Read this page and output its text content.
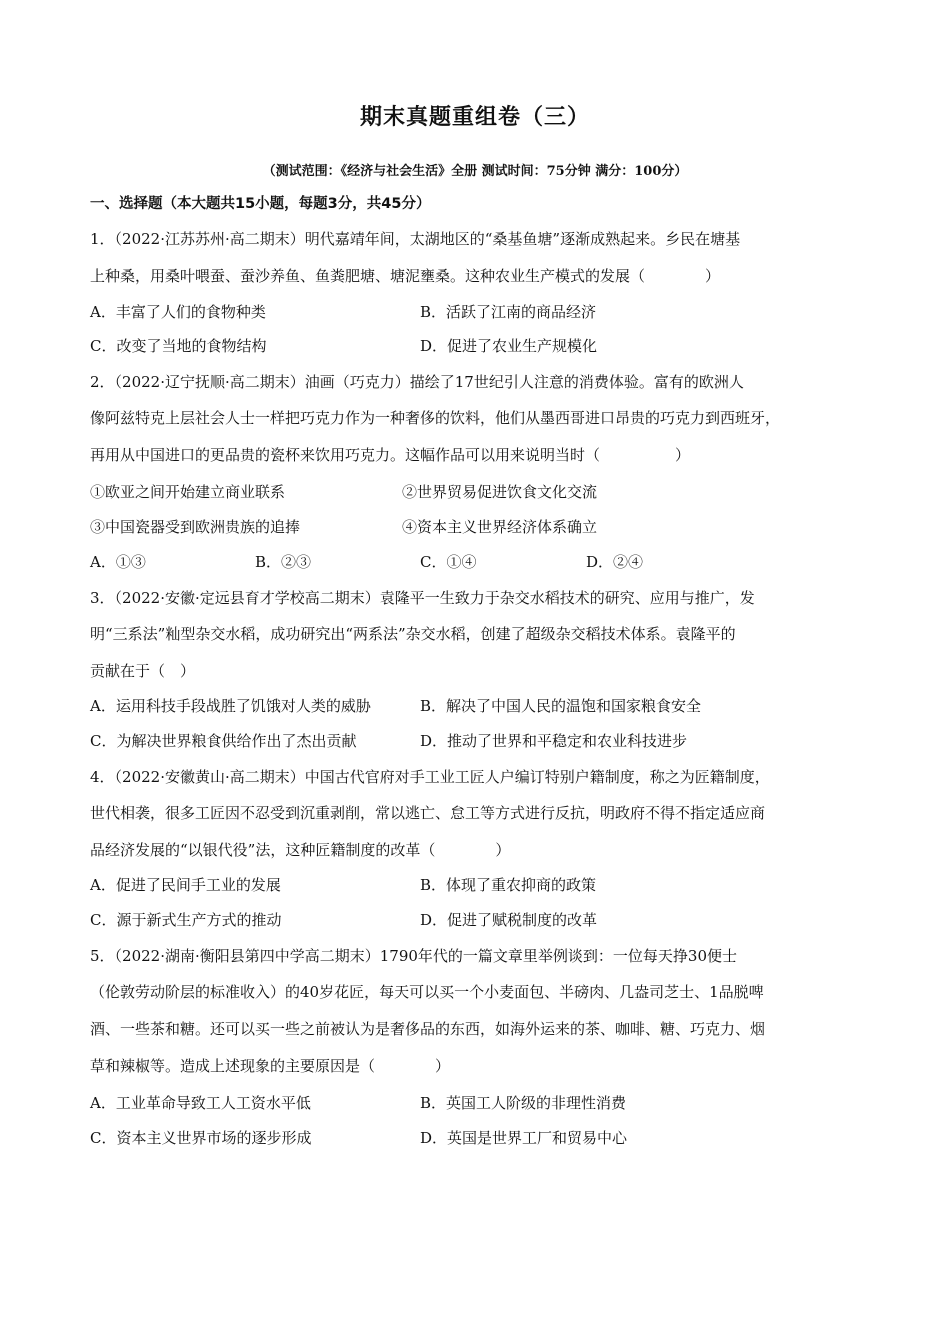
期末真题重组卷（三）
（测试范围：《经济与社会生活》全册 测试时间：75分钟 满分：100分）
一、选择题（本大题共15小题，每题3分，共45分）
1．（2022·江苏苏州·高二期末）明代嘉靖年间，太湖地区的“桑基鱼塘”逐渐成熟起来。乡民在塘基
上种桑，用桑叶喂蚕、蚕沙养鱼、鱼粪肥塘、塘泥壅桑。这种农业生产模式的发展（　　　　）
A．丰富了人们的食物种类	B．活跃了江南的商品经济
C．改变了当地的食物结构	D．促进了农业生产规模化
2．（2022·辽宁抚顺·高二期末）油画（巧克力）描绘了17世纪引人注意的消费体验。富有的欧洲人
像阿兹特克上层社会人士一样把巧克力作为一种奢侈的饮料，他们从墨西哥进口昂贵的巧克力到西班牙，
再用从中国进口的更品贵的瓷杯来饮用巧克力。这幅作品可以用来说明当时（　　　　　）
①欧亚之间开始建立商业联系	②世界贸易促进饮食文化交流
③中国瓷器受到欧洲贵族的追捧	④资本主义世界经济体系确立
A．①③	B．②③	C．①④	D．②④
3．（2022·安徽·定远县育才学校高二期末）袁隆平一生致力于杂交水稻技术的研究、应用与推广，发
明“三系法”籼型杂交水稻，成功研究出“两系法”杂交水稻，创建了超级杂交稻技术体系。袁隆平的
贡献在于（　）
A．运用科技手段战胜了饥饿对人类的威胁	B．解决了中国人民的温饱和国家粮食安全
C．为解决世界粮食供给作出了杰出贡献	D．推动了世界和平稳定和农业科技进步
4．（2022·安徽黄山·高二期末）中国古代官府对手工业工匠人户编订特别户籍制度，称之为匠籍制度，
世代相袭，很多工匠因不忍受到沉重剥削，常以逃亡、怠工等方式进行反抗，明政府不得不指定适应商
品经济发展的“以银代役”法，这种匠籍制度的改革（　　　　）
A．促进了民间手工业的发展	B．体现了重农抑商的政策
C．源于新式生产方式的推动	D．促进了赋税制度的改革
5．（2022·湖南·衡阳县第四中学高二期末）1790年代的一篇文章里举例谈到：一位每天挣30便士
（伦敦劳动阶层的标准收入）的40岁花匠，每天可以买一个小麦面包、半磅肉、几盎司芝士、1品脱啤
酒、一些茶和糖。还可以买一些之前被认为是奢侈品的东西，如海外运来的茶、咖啡、糖、巧克力、烟
草和辣椒等。造成上述现象的主要原因是（　　　　）
A．工业革命导致工人工资水平低	B．英国工人阶级的非理性消费
C．资本主义世界市场的逐步形成	D．英国是世界工厂和贸易中心
